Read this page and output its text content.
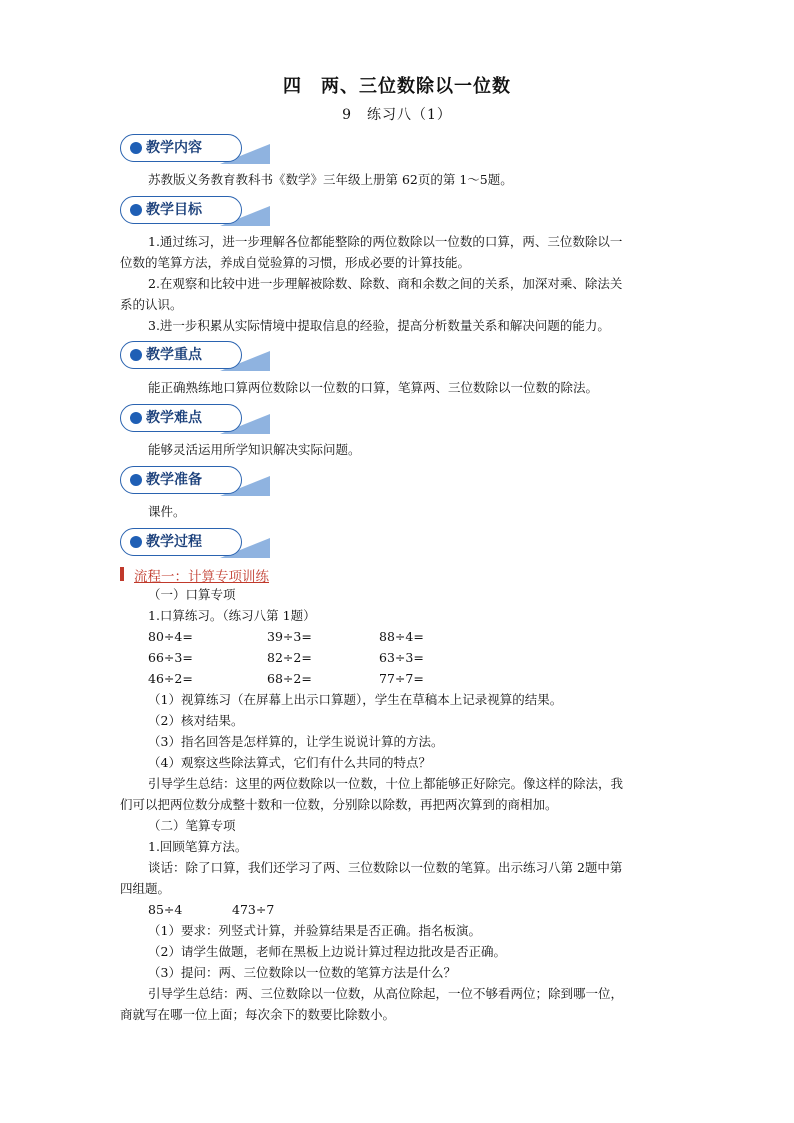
四　两、三位数除以一位数
9　练习八（1）
教学内容
苏教版义务教育教科书《数学》三年级上册第 62页的第 1～5题。
教学目标
1.通过练习，进一步理解各位都能整除的两位数除以一位数的口算，两、三位数除以一
位数的笔算方法，养成自觉验算的习惯，形成必要的计算技能。
2.在观察和比较中进一步理解被除数、除数、商和余数之间的关系，加深对乘、除法关
系的认识。
3.进一步积累从实际情境中提取信息的经验，提高分析数量关系和解决问题的能力。
教学重点
能正确熟练地口算两位数除以一位数的口算，笔算两、三位数除以一位数的除法。
教学难点
能够灵活运用所学知识解决实际问题。
教学准备
课件。
教学过程
流程一：计算专项训练
（一）口算专项
1.口算练习。（练习八第 1题）
80÷4=	39÷3=	88÷4=
66÷3=	82÷2=	63÷3=
46÷2=	68÷2=	77÷7=
（1）视算练习（在屏幕上出示口算题），学生在草稿本上记录视算的结果。
（2）核对结果。
（3）指名回答是怎样算的，让学生说说计算的方法。
（4）观察这些除法算式，它们有什么共同的特点？
引导学生总结：这里的两位数除以一位数，十位上都能够正好除完。像这样的除法，我
们可以把两位数分成整十数和一位数，分别除以除数，再把两次算到的商相加。
（二）笔算专项
1.回顾笔算方法。
谈话：除了口算，我们还学习了两、三位数除以一位数的笔算。出示练习八第 2题中第
四组题。
85÷4	473÷7
（1）要求：列竖式计算，并验算结果是否正确。指名板演。
（2）请学生做题，老师在黑板上边说计算过程边批改是否正确。
（3）提问：两、三位数除以一位数的笔算方法是什么？
引导学生总结：两、三位数除以一位数，从高位除起，一位不够看两位；除到哪一位，
商就写在哪一位上面；每次余下的数要比除数小。
